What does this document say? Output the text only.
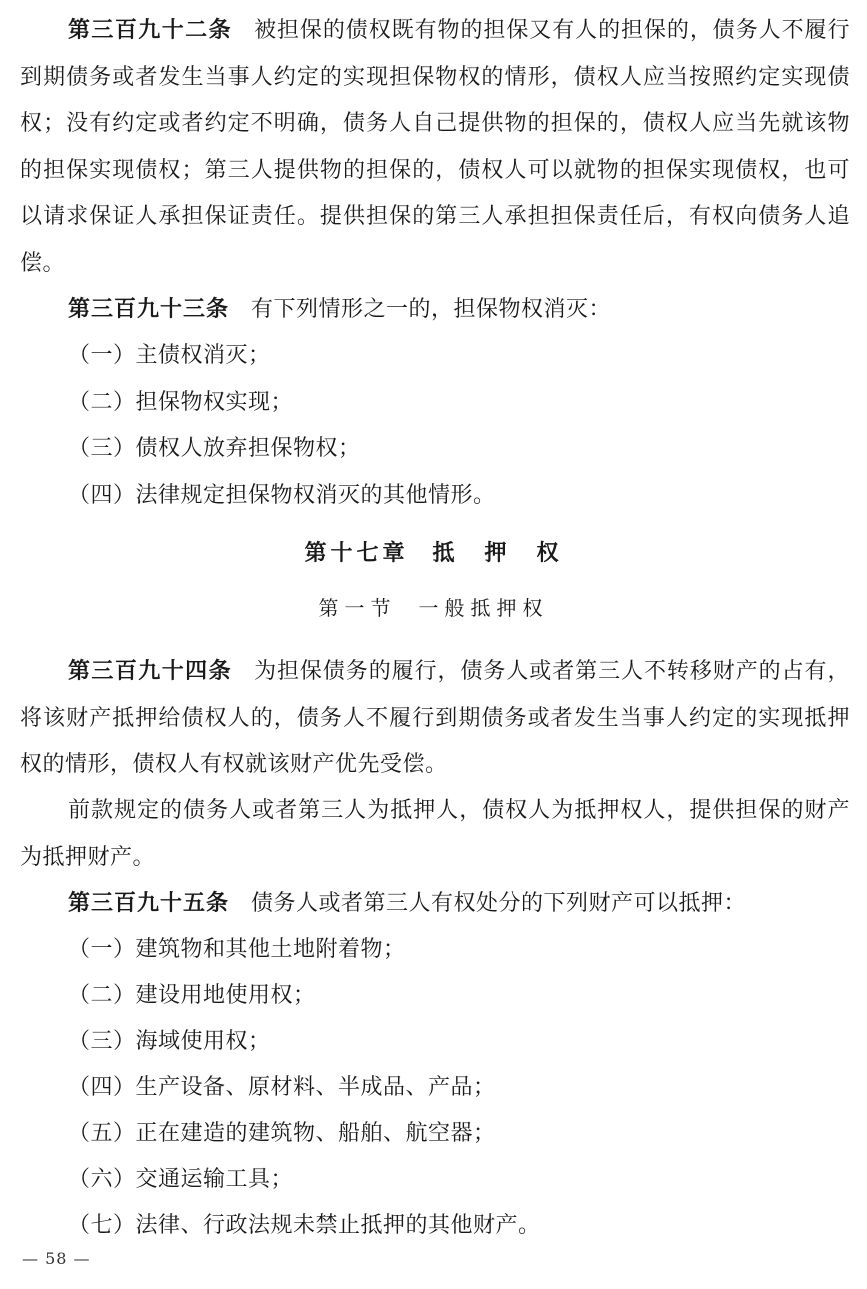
第三百九十二条 被担保的债权既有物的担保又有人的担保的，债务人不履行到期债务或者发生当事人约定的实现担保物权的情形，债权人应当按照约定实现债权；没有约定或者约定不明确，债务人自己提供物的担保的，债权人应当先就该物的担保实现债权；第三人提供物的担保的，债权人可以就物的担保实现债权，也可以请求保证人承担保证责任。提供担保的第三人承担担保责任后，有权向债务人追偿。

第三百九十三条 有下列情形之一的，担保物权消灭：

（一）主债权消灭；

（二）担保物权实现；

（三）债权人放弃担保物权；

（四）法律规定担保物权消灭的其他情形。

第十七章 抵　押　权
第一节 一般抵押权

第三百九十四条 为担保债务的履行，债务人或者第三人不转移财产的占有，将该财产抵押给债权人的，债务人不履行到期债务或者发生当事人约定的实现抵押权的情形，债权人有权就该财产优先受偿。

前款规定的债务人或者第三人为抵押人，债权人为抵押权人，提供担保的财产为抵押财产。

第三百九十五条 债务人或者第三人有权处分的下列财产可以抵押：

（一）建筑物和其他土地附着物；

（二）建设用地使用权；

（三）海域使用权；

（四）生产设备、原材料、半成品、产品；

（五）正在建造的建筑物、船舶、航空器；

（六）交通运输工具；

（七）法律、行政法规未禁止抵押的其他财产。

— 58 —
